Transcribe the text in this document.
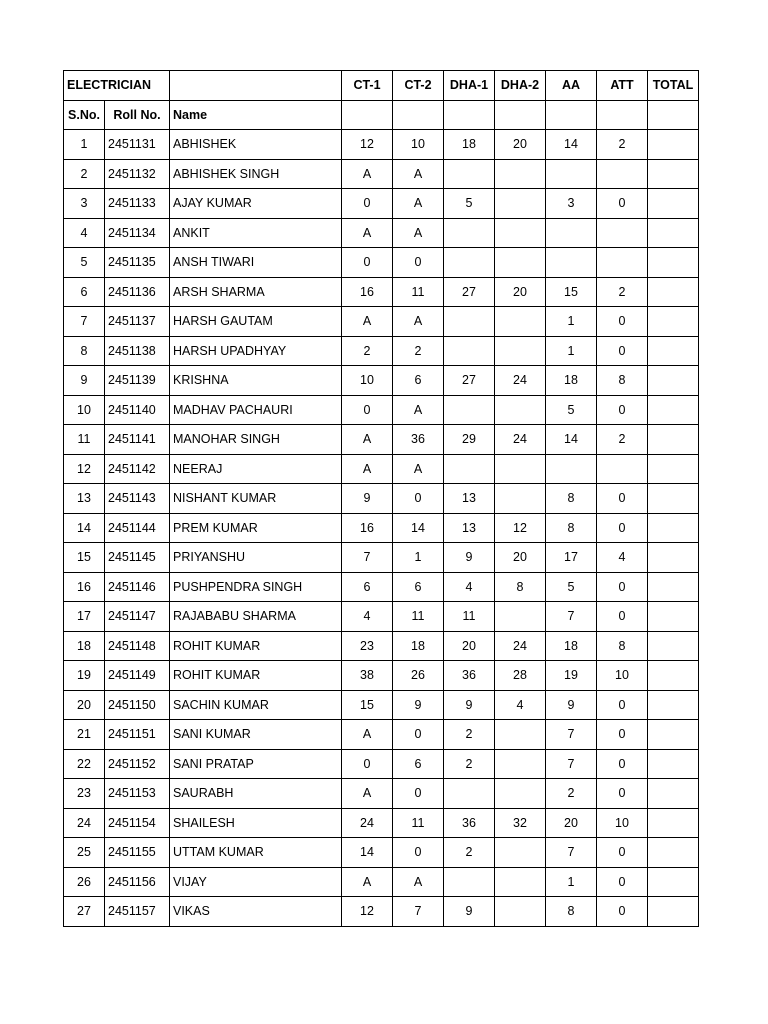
ELECTRICIAN			CT-1	CT-2	DHA-1	DHA-2	AA	ATT	TOTAL
S.No.	Roll No.	Name							
1	2451131	ABHISHEK	12	10	18	20	14	2	
2	2451132	ABHISHEK SINGH	A	A					
3	2451133	AJAY KUMAR	0	A	5		3	0	
4	2451134	ANKIT	A	A					
5	2451135	ANSH TIWARI	0	0					
6	2451136	ARSH SHARMA	16	11	27	20	15	2	
7	2451137	HARSH GAUTAM	A	A			1	0	
8	2451138	HARSH UPADHYAY	2	2			1	0	
9	2451139	KRISHNA	10	6	27	24	18	8	
10	2451140	MADHAV PACHAURI	0	A			5	0	
11	2451141	MANOHAR SINGH	A	36	29	24	14	2	
12	2451142	NEERAJ	A	A					
13	2451143	NISHANT KUMAR	9	0	13		8	0	
14	2451144	PREM KUMAR	16	14	13	12	8	0	
15	2451145	PRIYANSHU	7	1	9	20	17	4	
16	2451146	PUSHPENDRA SINGH	6	6	4	8	5	0	
17	2451147	RAJABABU SHARMA	4	11	11		7	0	
18	2451148	ROHIT KUMAR	23	18	20	24	18	8	
19	2451149	ROHIT KUMAR	38	26	36	28	19	10	
20	2451150	SACHIN KUMAR	15	9	9	4	9	0	
21	2451151	SANI KUMAR	A	0	2		7	0	
22	2451152	SANI PRATAP	0	6	2		7	0	
23	2451153	SAURABH	A	0			2	0	
24	2451154	SHAILESH	24	11	36	32	20	10	
25	2451155	UTTAM KUMAR	14	0	2		7	0	
26	2451156	VIJAY	A	A			1	0	
27	2451157	VIKAS	12	7	9		8	0	
